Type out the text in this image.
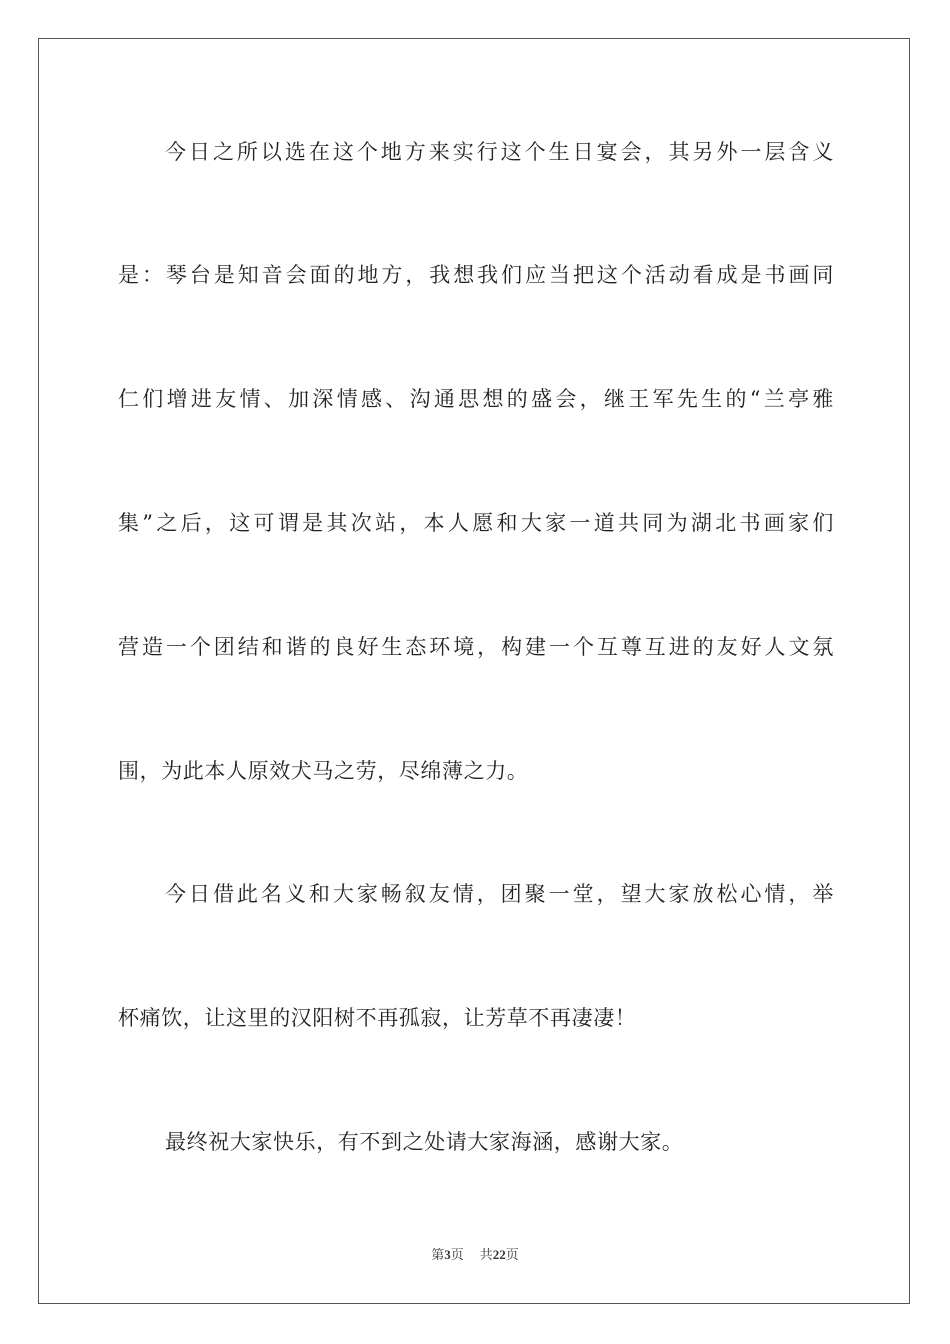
今日之所以选在这个地方来实行这个生日宴会，其另外一层含义
是：琴台是知音会面的地方，我想我们应当把这个活动看成是书画同
仁们增进友情、加深情感、沟通思想的盛会，继王军先生的“兰亭雅
集”之后，这可谓是其次站，本人愿和大家一道共同为湖北书画家们
营造一个团结和谐的良好生态环境，构建一个互尊互进的友好人文氛
围，为此本人原效犬马之劳，尽绵薄之力。
今日借此名义和大家畅叙友情，团聚一堂，望大家放松心情，举
杯痛饮，让这里的汉阳树不再孤寂，让芳草不再凄凄！
最终祝大家快乐，有不到之处请大家海涵，感谢大家。
第3页 共22页
